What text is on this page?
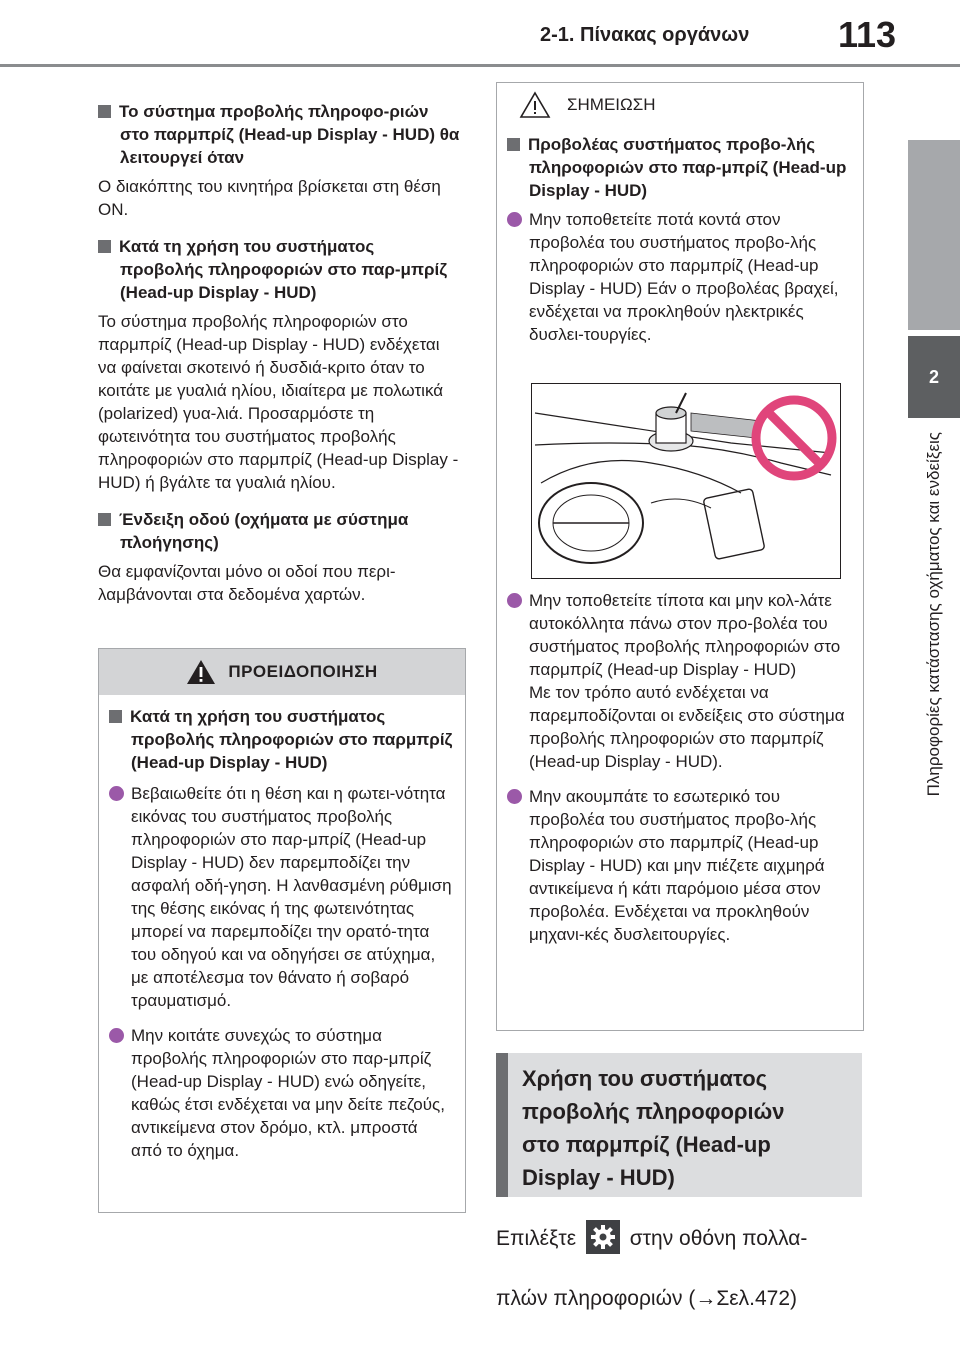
2-1. Πίνακας οργάνων 113
2
Πληροφορίες κατάστασης οχήματος και ενδείξεις
Το σύστημα προβολής πληροφο-ριών στο παρμπρίζ (Head-up Display - HUD) θα λειτουργεί όταν
Ο διακόπτης του κινητήρα βρίσκεται στη θέση ON.
Κατά τη χρήση του συστήματος προβολής πληροφοριών στο παρ-μπρίζ (Head-up Display - HUD)
Το σύστημα προβολής πληροφοριών στο παρμπρίζ (Head-up Display - HUD) ενδέχεται να φαίνεται σκοτεινό ή δυσδιά-κριτο όταν το κοιτάτε με γυαλιά ηλίου, ιδιαίτερα με πολωτικά (polarized) γυα-λιά. Προσαρμόστε τη φωτεινότητα του συστήματος προβολής πληροφοριών στο παρμπρίζ (Head-up Display - HUD) ή βγάλτε τα γυαλιά ηλίου.
Ένδειξη οδού (οχήματα με σύστημα πλοήγησης)
Θα εμφανίζονται μόνο οι οδοί που περι-λαμβάνονται στα δεδομένα χαρτών.
ΠΡΟΕΙΔΟΠΟΙΗΣΗ
Κατά τη χρήση του συστήματος προβολής πληροφοριών στο παρμπρίζ (Head-up Display - HUD)
Βεβαιωθείτε ότι η θέση και η φωτει-νότητα εικόνας του συστήματος προβολής πληροφοριών στο παρ-μπρίζ (Head-up Display - HUD) δεν παρεμποδίζει την ασφαλή οδή-γηση. Η λανθασμένη ρύθμιση της θέσης εικόνας ή της φωτεινότητας μπορεί να παρεμποδίζει την ορατό-τητα του οδηγού και να οδηγήσει σε ατύχημα, με αποτέλεσμα τον θάνατο ή σοβαρό τραυματισμό.
Μην κοιτάτε συνεχώς το σύστημα προβολής πληροφοριών στο παρ-μπρίζ (Head-up Display - HUD) ενώ οδηγείτε, καθώς έτσι ενδέχεται να μην δείτε πεζούς, αντικείμενα στον δρόμο, κτλ. μπροστά από το όχημα.
ΣΗΜΕΙΩΣΗ
Προβολέας συστήματος προβο-λής πληροφοριών στο παρ-μπρίζ (Head-up Display - HUD)
Μην τοποθετείτε ποτά κοντά στον προβολέα του συστήματος προβο-λής πληροφοριών στο παρμπρίζ (Head-up Display - HUD) Εάν ο προβολέας βραχεί, ενδέχεται να προκληθούν ηλεκτρικές δυσλει-τουργίες.
Μην τοποθετείτε τίποτα και μην κολ-λάτε αυτοκόλλητα πάνω στον προ-βολέα του συστήματος προβολής πληροφοριών στο παρμπρίζ (Head-up Display - HUD)
Με τον τρόπο αυτό ενδέχεται να παρεμποδίζονται οι ενδείξεις στο σύστημα προβολής πληροφοριών στο παρμπρίζ (Head-up Display - HUD).
Μην ακουμπάτε το εσωτερικό του προβολέα του συστήματος προβο-λής πληροφοριών στο παρμπρίζ (Head-up Display - HUD) και μην πιέζετε αιχμηρά αντικείμενα ή κάτι παρόμοιο μέσα στον προβολέα. Ενδέχεται να προκληθούν μηχανι-κές δυσλειτουργίες.
Χρήση του συστήματος
προβολής πληροφοριών
στο παρμπρίζ (Head-up
Display - HUD)
Επιλέξτε	στην οθόνη πολλα-
πλών πληροφοριών (→Σελ.472)
